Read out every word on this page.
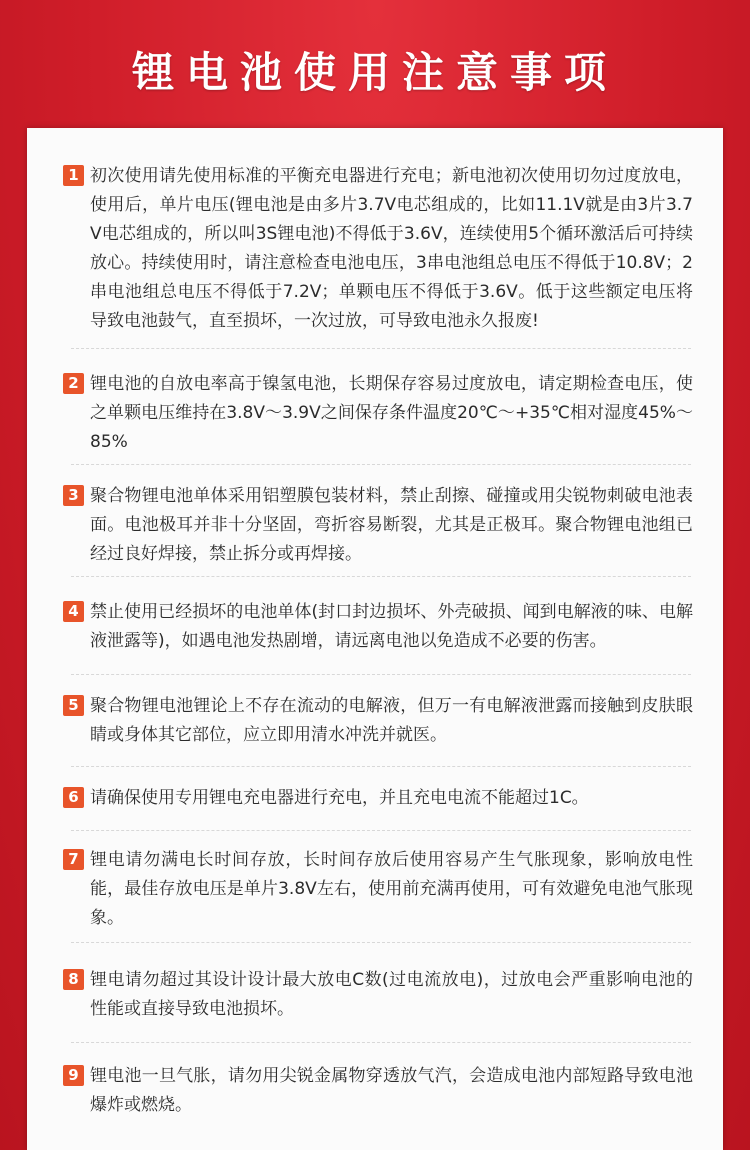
锂电池使用注意事项
1 初次使用请先使用标准的平衡充电器进行充电；新电池初次使用切勿过度放电，使用后，单片电压(锂电池是由多片3.7V电芯组成的，比如11.1V就是由3片3.7V电芯组成的，所以叫3S锂电池)不得低于3.6V，连续使用5个循环激活后可持续放心。持续使用时，请注意检查电池电压，3串电池组总电压不得低于10.8V；2串电池组总电压不得低于7.2V；单颗电压不得低于3.6V。低于这些额定电压将导致电池鼓气，直至损坏，一次过放，可导致电池永久报废!
2 锂电池的自放电率高于镍氢电池，长期保存容易过度放电，请定期检查电压，使之单颗电压维持在3.8V～3.9V之间保存条件温度20℃～+35℃相对湿度45%～85%
3 聚合物锂电池单体采用铝塑膜包装材料，禁止刮擦、碰撞或用尖锐物刺破电池表面。电池极耳并非十分坚固，弯折容易断裂，尤其是正极耳。聚合物锂电池组已经过良好焊接，禁止拆分或再焊接。
4 禁止使用已经损坏的电池单体(封口封边损坏、外壳破损、闻到电解液的味、电解液泄露等)，如遇电池发热剧增，请远离电池以免造成不必要的伤害。
5 聚合物锂电池锂论上不存在流动的电解液，但万一有电解液泄露而接触到皮肤眼睛或身体其它部位，应立即用清水冲洗并就医。
6 请确保使用专用锂电充电器进行充电，并且充电电流不能超过1C。
7 锂电请勿满电长时间存放，长时间存放后使用容易产生气胀现象，影响放电性能，最佳存放电压是单片3.8V左右，使用前充满再使用，可有效避免电池气胀现象。
8 锂电请勿超过其设计设计最大放电C数(过电流放电)，过放电会严重影响电池的性能或直接导致电池损坏。
9 锂电池一旦气胀，请勿用尖锐金属物穿透放气汽，会造成电池内部短路导致电池爆炸或燃烧。
